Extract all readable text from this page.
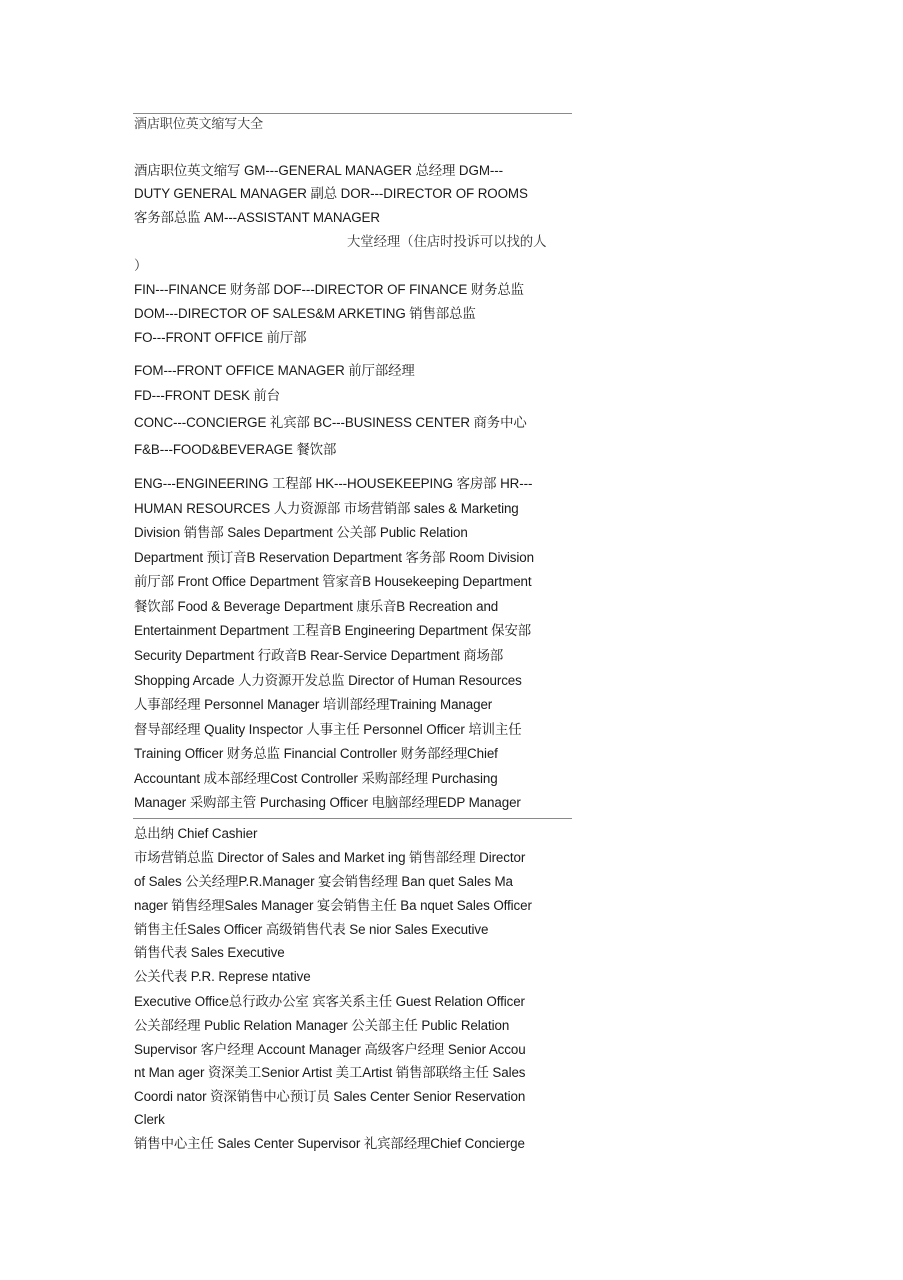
酒店职位英文缩写大全
酒店职位英文缩写 GM---GENERAL MANAGER 总经理 DGM---
DUTY GENERAL MANAGER 副总 DOR---DIRECTOR OF ROOMS
客务部总监 AM---ASSISTANT MANAGER
大堂经理（住店时投诉可以找的人
）
FIN---FINANCE 财务部 DOF---DIRECTOR OF FINANCE 财务总监
DOM---DIRECTOR OF SALES&M ARKETING 销售部总监
FO---FRONT OFFICE 前厅部
FOM---FRONT OFFICE MANAGER 前厅部经理
FD---FRONT DESK 前台
CONC---CONCIERGE 礼宾部 BC---BUSINESS CENTER 商务中心
F&B---FOOD&BEVERAGE 餐饮部
ENG---ENGINEERING 工程部 HK---HOUSEKEEPING 客房部 HR---
HUMAN RESOURCES 人力资源部 市场营销部 sales & Marketing
Division 销售部 Sales Department 公关部 Public Relation
Department 预订音B Reservation Department 客务部 Room Division
前厅部 Front Office Department 管家音B Housekeeping Department
餐饮部 Food & Beverage Department 康乐音B Recreation and
Entertainment Department 工程音B Engineering Department 保安部
Security Department 行政音B Rear-Service Department 商场部
Shopping Arcade 人力资源开发总监 Director of Human Resources
人事部经理 Personnel Manager 培训部经理Training Manager
督导部经理 Quality Inspector 人事主任 Personnel Officer 培训主任
Training Officer 财务总监 Financial Controller 财务部经理Chief
Accountant 成本部经理Cost Controller 采购部经理 Purchasing
Manager 采购部主管 Purchasing Officer 电脑部经理EDP Manager
总出纳 Chief Cashier
市场营销总监 Director of Sales and Market ing 销售部经理 Director
of Sales 公关经理P.R.Manager 宴会销售经理 Ban quet Sales Ma
nager 销售经理Sales Manager 宴会销售主任 Ba nquet Sales Officer
销售主任Sales Officer 高级销售代表 Se nior Sales Executive
销售代表 Sales Executive
公关代表 P.R. Represe ntative
Executive Office总行政办公室 宾客关系主任 Guest Relation Officer
公关部经理 Public Relation Manager 公关部主任 Public Relation
Supervisor 客户经理 Account Manager 高级客户经理 Senior Accou
nt Man ager 资深美工Senior Artist 美工Artist 销售部联络主任 Sales
Coordi nator 资深销售中心预订员 Sales Center Senior Reservation
Clerk
销售中心主任 Sales Center Supervisor 礼宾部经理Chief Concierge
